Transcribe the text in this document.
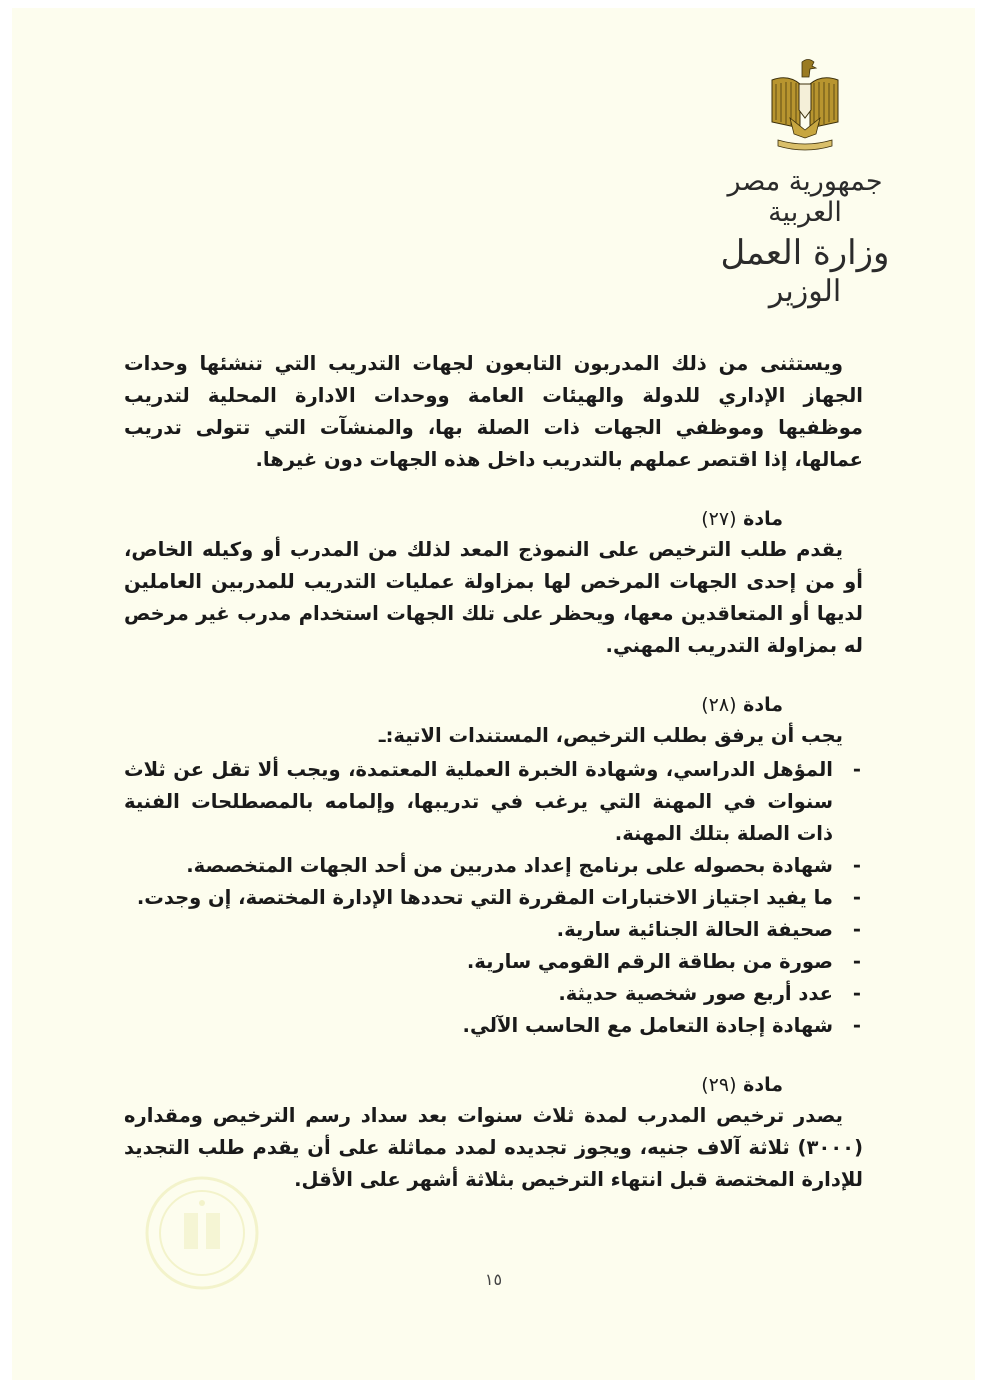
جمهورية مصر العربية

وزارة العمل

الوزير

ويستثنى من ذلك المدربون التابعون لجهات التدريب التي تنشئها وحدات الجهاز الإداري للدولة والهيئات العامة ووحدات الادارة المحلية لتدريب موظفيها وموظفي الجهات ذات الصلة بها، والمنشآت التي تتولى تدريب عمالها، إذا اقتصر عملهم بالتدريب داخل هذه الجهات دون غيرها.

مادة (٢٧)

يقدم طلب الترخيص على النموذج المعد لذلك من المدرب أو وكيله الخاص، أو من إحدى الجهات المرخص لها بمزاولة عمليات التدريب للمدربين العاملين لديها أو المتعاقدين معها، ويحظر على تلك الجهات استخدام مدرب غير مرخص له بمزاولة التدريب المهني.

مادة (٢٨)

يجب أن يرفق بطلب الترخيص، المستندات الاتية:ـ

-
المؤهل الدراسي، وشهادة الخبرة العملية المعتمدة، ويجب ألا تقل عن ثلاث سنوات في المهنة التي يرغب في تدريبها، وإلمامه بالمصطلحات الفنية ذات الصلة بتلك المهنة.
-
شهادة بحصوله على برنامج إعداد مدربين من أحد الجهات المتخصصة.
-
ما يفيد اجتياز الاختبارات المقررة التي تحددها الإدارة المختصة، إن وجدت.
-
صحيفة الحالة الجنائية سارية.
-
صورة من بطاقة الرقم القومي سارية.
-
عدد أربع صور شخصية حديثة.
-
شهادة إجادة التعامل مع الحاسب الآلي.

مادة (٢٩)

يصدر ترخيص المدرب لمدة ثلاث سنوات بعد سداد رسم الترخيص ومقداره (٣٠٠٠) ثلاثة آلاف جنيه، ويجوز تجديده لمدد مماثلة على أن يقدم طلب التجديد للإدارة المختصة قبل انتهاء الترخيص بثلاثة أشهر على الأقل.

١٥
